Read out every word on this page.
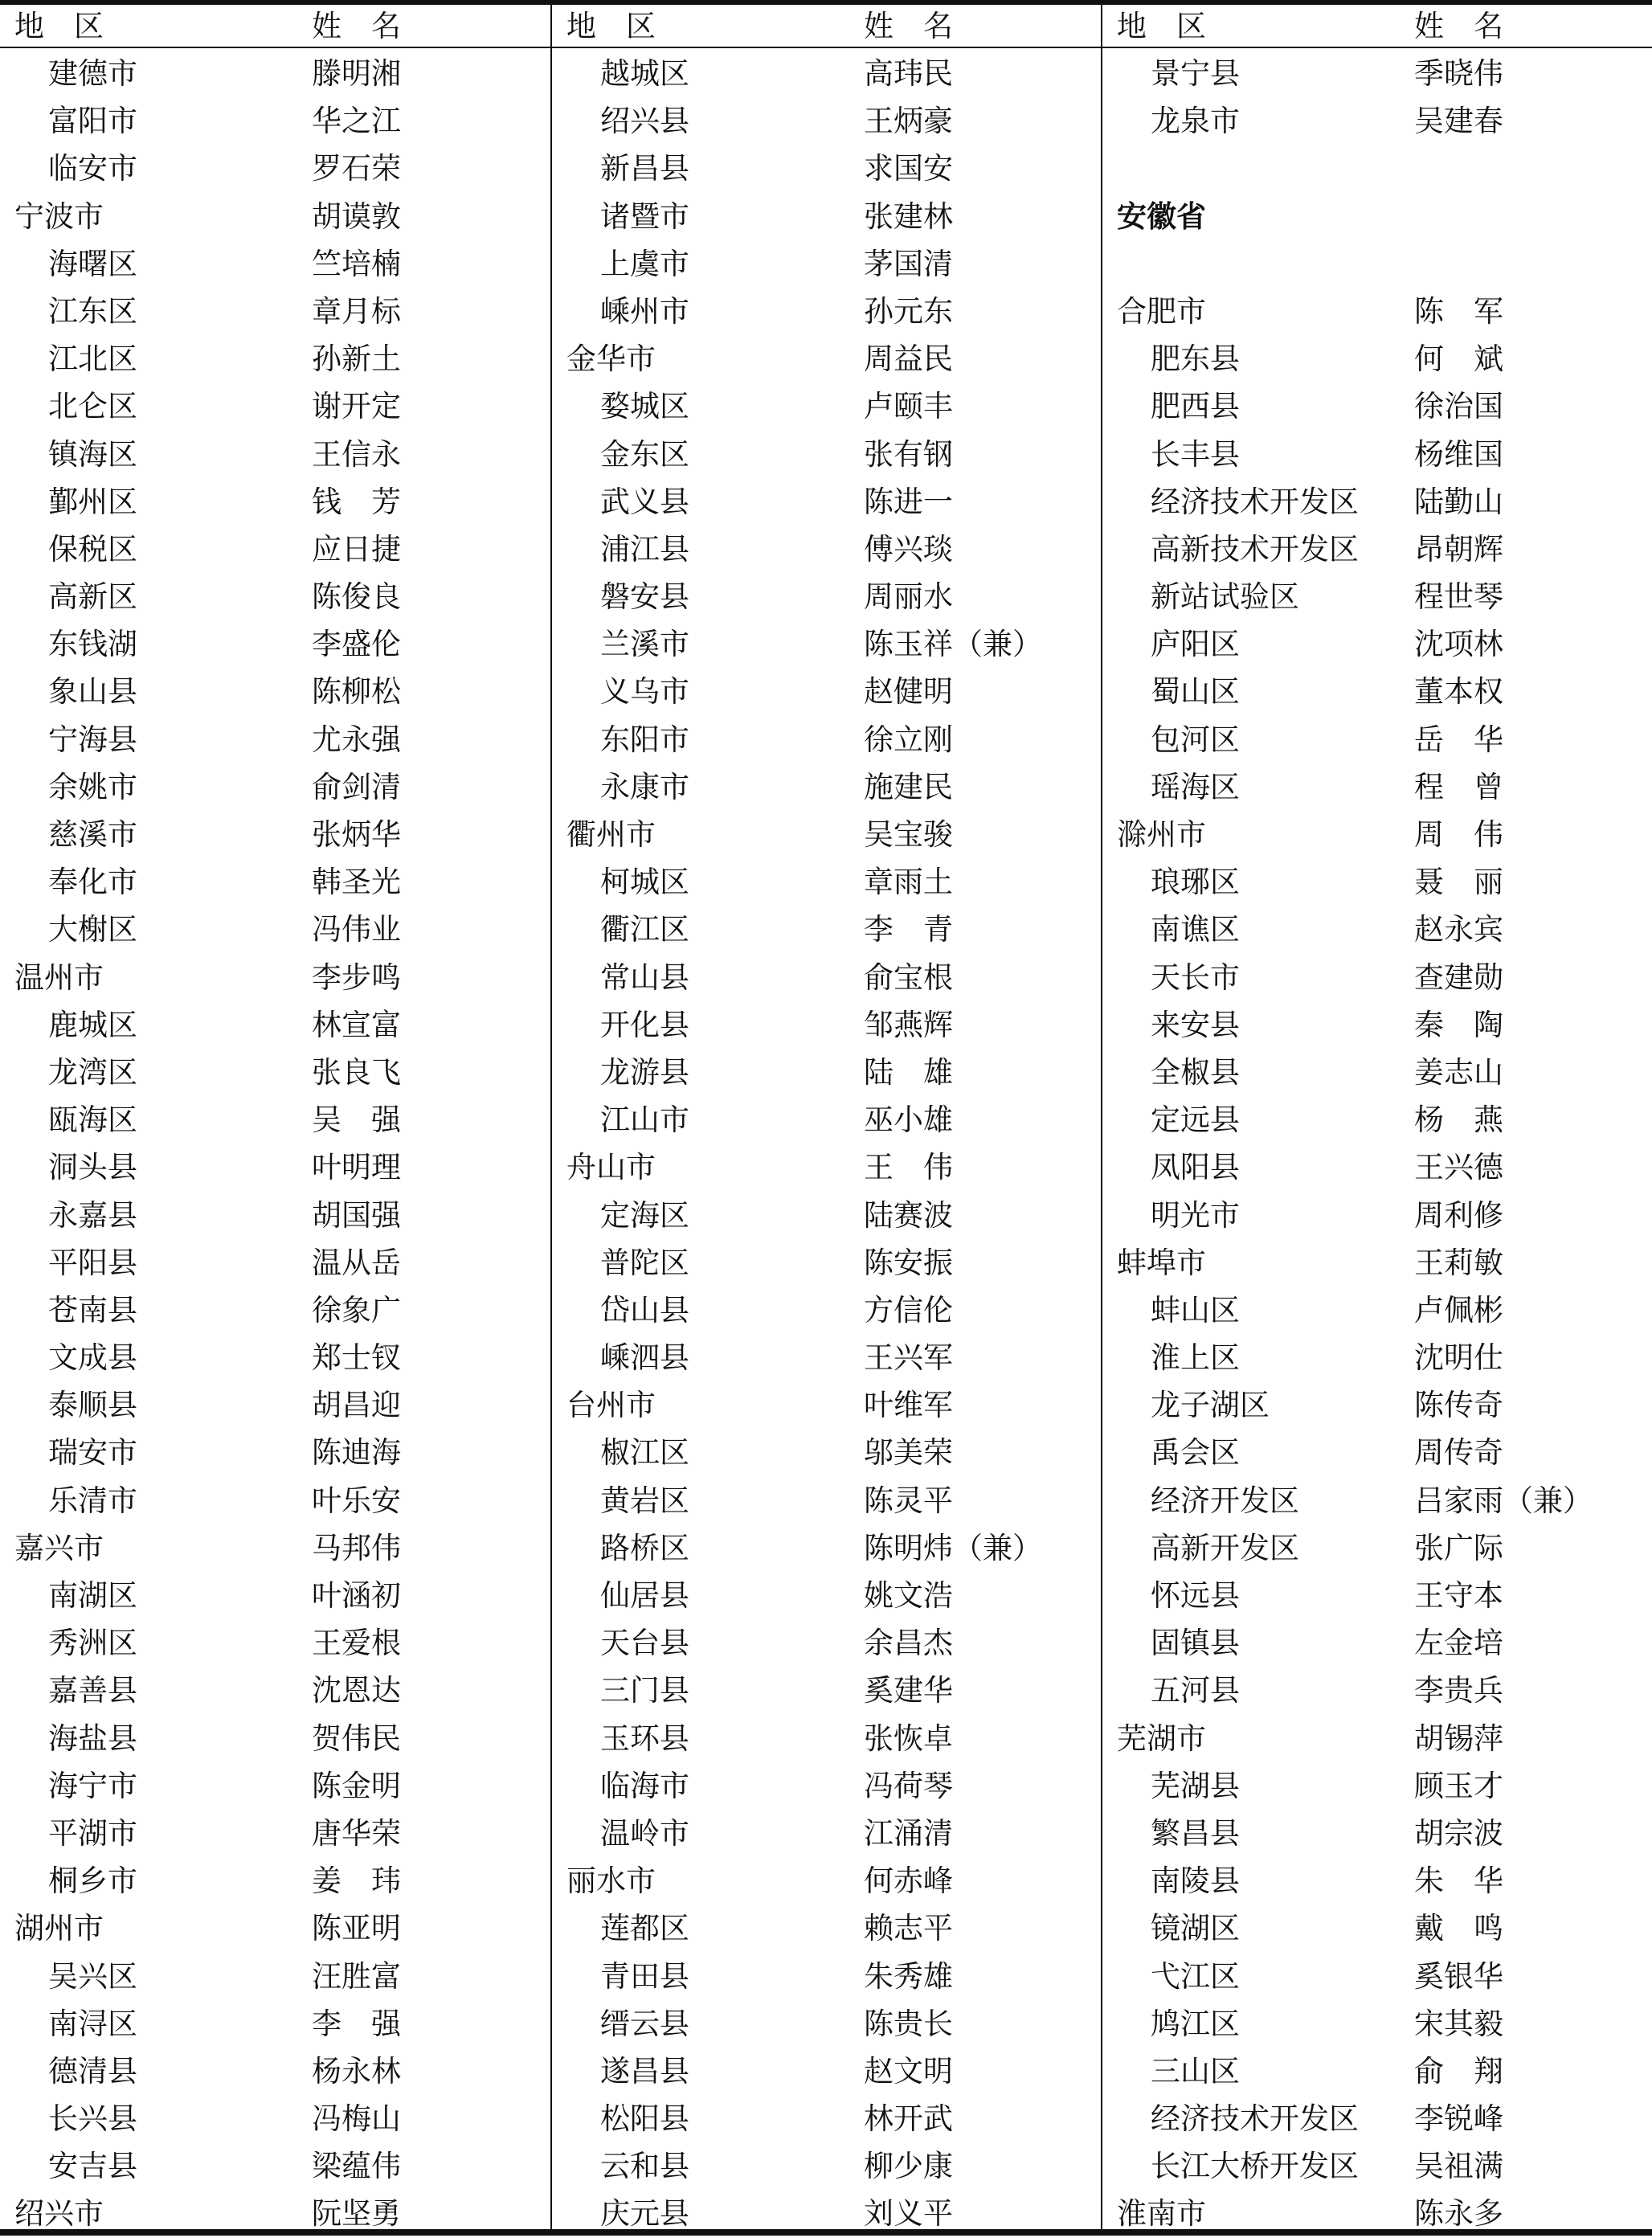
地　区	姓　名
建德市	滕明湘
富阳市	华之江
临安市	罗石荣
宁波市	胡谟敦
海曙区	竺培楠
江东区	章月标
江北区	孙新土
北仑区	谢开定
镇海区	王信永
鄞州区	钱　芳
保税区	应日捷
高新区	陈俊良
东钱湖	李盛伦
象山县	陈柳松
宁海县	尤永强
余姚市	俞剑清
慈溪市	张炳华
奉化市	韩圣光
大榭区	冯伟业
温州市	李步鸣
鹿城区	林宣富
龙湾区	张良飞
瓯海区	吴　强
洞头县	叶明理
永嘉县	胡国强
平阳县	温从岳
苍南县	徐象广
文成县	郑士钗
泰顺县	胡昌迎
瑞安市	陈迪海
乐清市	叶乐安
嘉兴市	马邦伟
南湖区	叶涵初
秀洲区	王爱根
嘉善县	沈恩达
海盐县	贺伟民
海宁市	陈金明
平湖市	唐华荣
桐乡市	姜　玮
湖州市	陈亚明
吴兴区	汪胜富
南浔区	李　强
德清县	杨永林
长兴县	冯梅山
安吉县	梁蕴伟
绍兴市	阮坚勇
地　区	姓　名
越城区	高玮民
绍兴县	王炳豪
新昌县	求国安
诸暨市	张建林
上虞市	茅国清
嵊州市	孙元东
金华市	周益民
婺城区	卢颐丰
金东区	张有钢
武义县	陈进一
浦江县	傅兴琰
磐安县	周丽水
兰溪市	陈玉祥（兼）
义乌市	赵健明
东阳市	徐立刚
永康市	施建民
衢州市	吴宝骏
柯城区	章雨土
衢江区	李　青
常山县	俞宝根
开化县	邹燕辉
龙游县	陆　雄
江山市	巫小雄
舟山市	王　伟
定海区	陆赛波
普陀区	陈安振
岱山县	方信伦
嵊泗县	王兴军
台州市	叶维军
椒江区	邬美荣
黄岩区	陈灵平
路桥区	陈明炜（兼）
仙居县	姚文浩
天台县	余昌杰
三门县	奚建华
玉环县	张恢卓
临海市	冯荷琴
温岭市	江涌清
丽水市	何赤峰
莲都区	赖志平
青田县	朱秀雄
缙云县	陈贵长
遂昌县	赵文明
松阳县	林开武
云和县	柳少康
庆元县	刘义平
地　区	姓　名
景宁县	季晓伟
龙泉市	吴建春
安徽省
合肥市	陈　军
肥东县	何　斌
肥西县	徐治国
长丰县	杨维国
经济技术开发区 陆勤山
高新技术开发区 昂朝辉
新站试验区	程世琴
庐阳区	沈项林
蜀山区	董本权
包河区	岳　华
瑶海区	程　曾
滁州市	周　伟
琅琊区	聂　丽
南谯区	赵永宾
天长市	查建勋
来安县	秦　陶
全椒县	姜志山
定远县	杨　燕
凤阳县	王兴德
明光市	周利修
蚌埠市	王莉敏
蚌山区	卢佩彬
淮上区	沈明仕
龙子湖区	陈传奇
禹会区	周传奇
经济开发区	吕家雨（兼）
高新开发区	张广际
怀远县	王守本
固镇县	左金培
五河县	李贵兵
芜湖市	胡锡萍
芜湖县	顾玉才
繁昌县	胡宗波
南陵县	朱　华
镜湖区	戴　鸣
弋江区	奚银华
鸠江区	宋其毅
三山区	俞　翔
经济技术开发区 李锐峰
长江大桥开发区 吴祖满
淮南市	陈永多
